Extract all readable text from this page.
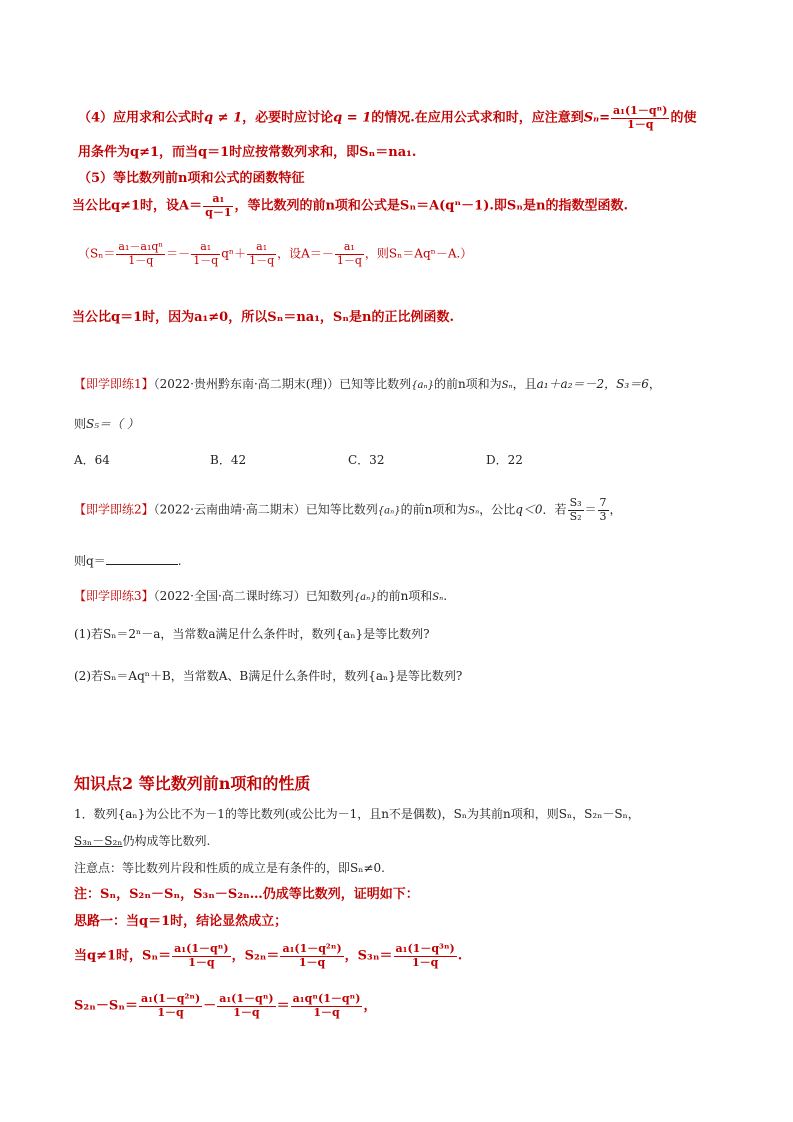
（4）应用求和公式时q ≠ 1，必要时应讨论q = 1的情况.在应用公式求和时，应注意到$S_n= \frac{\text{a₁(1－qⁿ)}}{1-q}$ 的使
用条件为q≠1，而当q＝1时应按常数列求和，即Sₙ＝na₁.
（5）等比数列前n项和公式的函数特征
当公比q≠1时，设$A= \frac{\text{a₁}}{q-1}$ ，等比数列的前n项和公式是Sₙ＝A(qⁿ－1).即Sₙ是n的指数型函数.
（$S_n= \frac{\text{a₁－a₁qⁿ}}{1-q} =- \frac{\text{a₁}}{1-q} q^n+ \frac{\text{a₁}}{1-q}$ ，设$A=- \frac{\text{a₁}}{1-q}$ ，则Sₙ＝Aqⁿ－A.）
当公比q＝1时，因为a₁≠0，所以Sₙ＝na₁，Sₙ是n的正比例函数.
【即学即练1】（2022·贵州黔东南·高二期末(理)）已知等比数列{aₙ}的前n项和为Sₙ，且a₁＋a₂＝－2，S₃＝6，
则S₅＝（ ）
A．64	B．42	C．32	D．22
【即学即练2】（2022·云南曲靖·高二期末）已知等比数列{aₙ}的前n项和为Sₙ，公比q＜0．若 $\frac{\text{S₃}}{\text{S₂}} = \frac{7}{3}$ ，
则q＝	.
【即学即练3】（2022·全国·高二课时练习）已知数列{aₙ}的前n项和Sₙ.
(1)若Sₙ＝2ⁿ－a，当常数a满足什么条件时，数列{aₙ}是等比数列?
(2)若Sₙ＝Aqⁿ＋B，当常数A、B满足什么条件时，数列{aₙ}是等比数列?
知识点2 等比数列前n项和的性质
1．数列{aₙ}为公比不为－1的等比数列(或公比为－1，且n不是偶数)，Sₙ为其前n项和，则Sₙ，S₂ₙ－Sₙ，
S₃ₙ－S₂ₙ仍构成等比数列.
注意点：等比数列片段和性质的成立是有条件的，即Sₙ≠0.
注：Sₙ，S₂ₙ－Sₙ，S₃ₙ－S₂ₙ…仍成等比数列，证明如下：
思路一：当q＝1时，结论显然成立；
当q≠1时，$S_n= \frac{\text{a₁(1－qⁿ)}}{1-q}$ ，$S_{2n}= \frac{\text{a₁(1－q²ⁿ)}}{1-q}$ ，$S_{3n}= \frac{\text{a₁(1－q³ⁿ)}}{1-q}$ .
$S_{2n}-S_n= \frac{\text{a₁(1－q²ⁿ)}}{1-q} - \frac{\text{a₁(1－qⁿ)}}{1-q} = \frac{\text{a₁qⁿ(1－qⁿ)}}{1-q}$ ，
